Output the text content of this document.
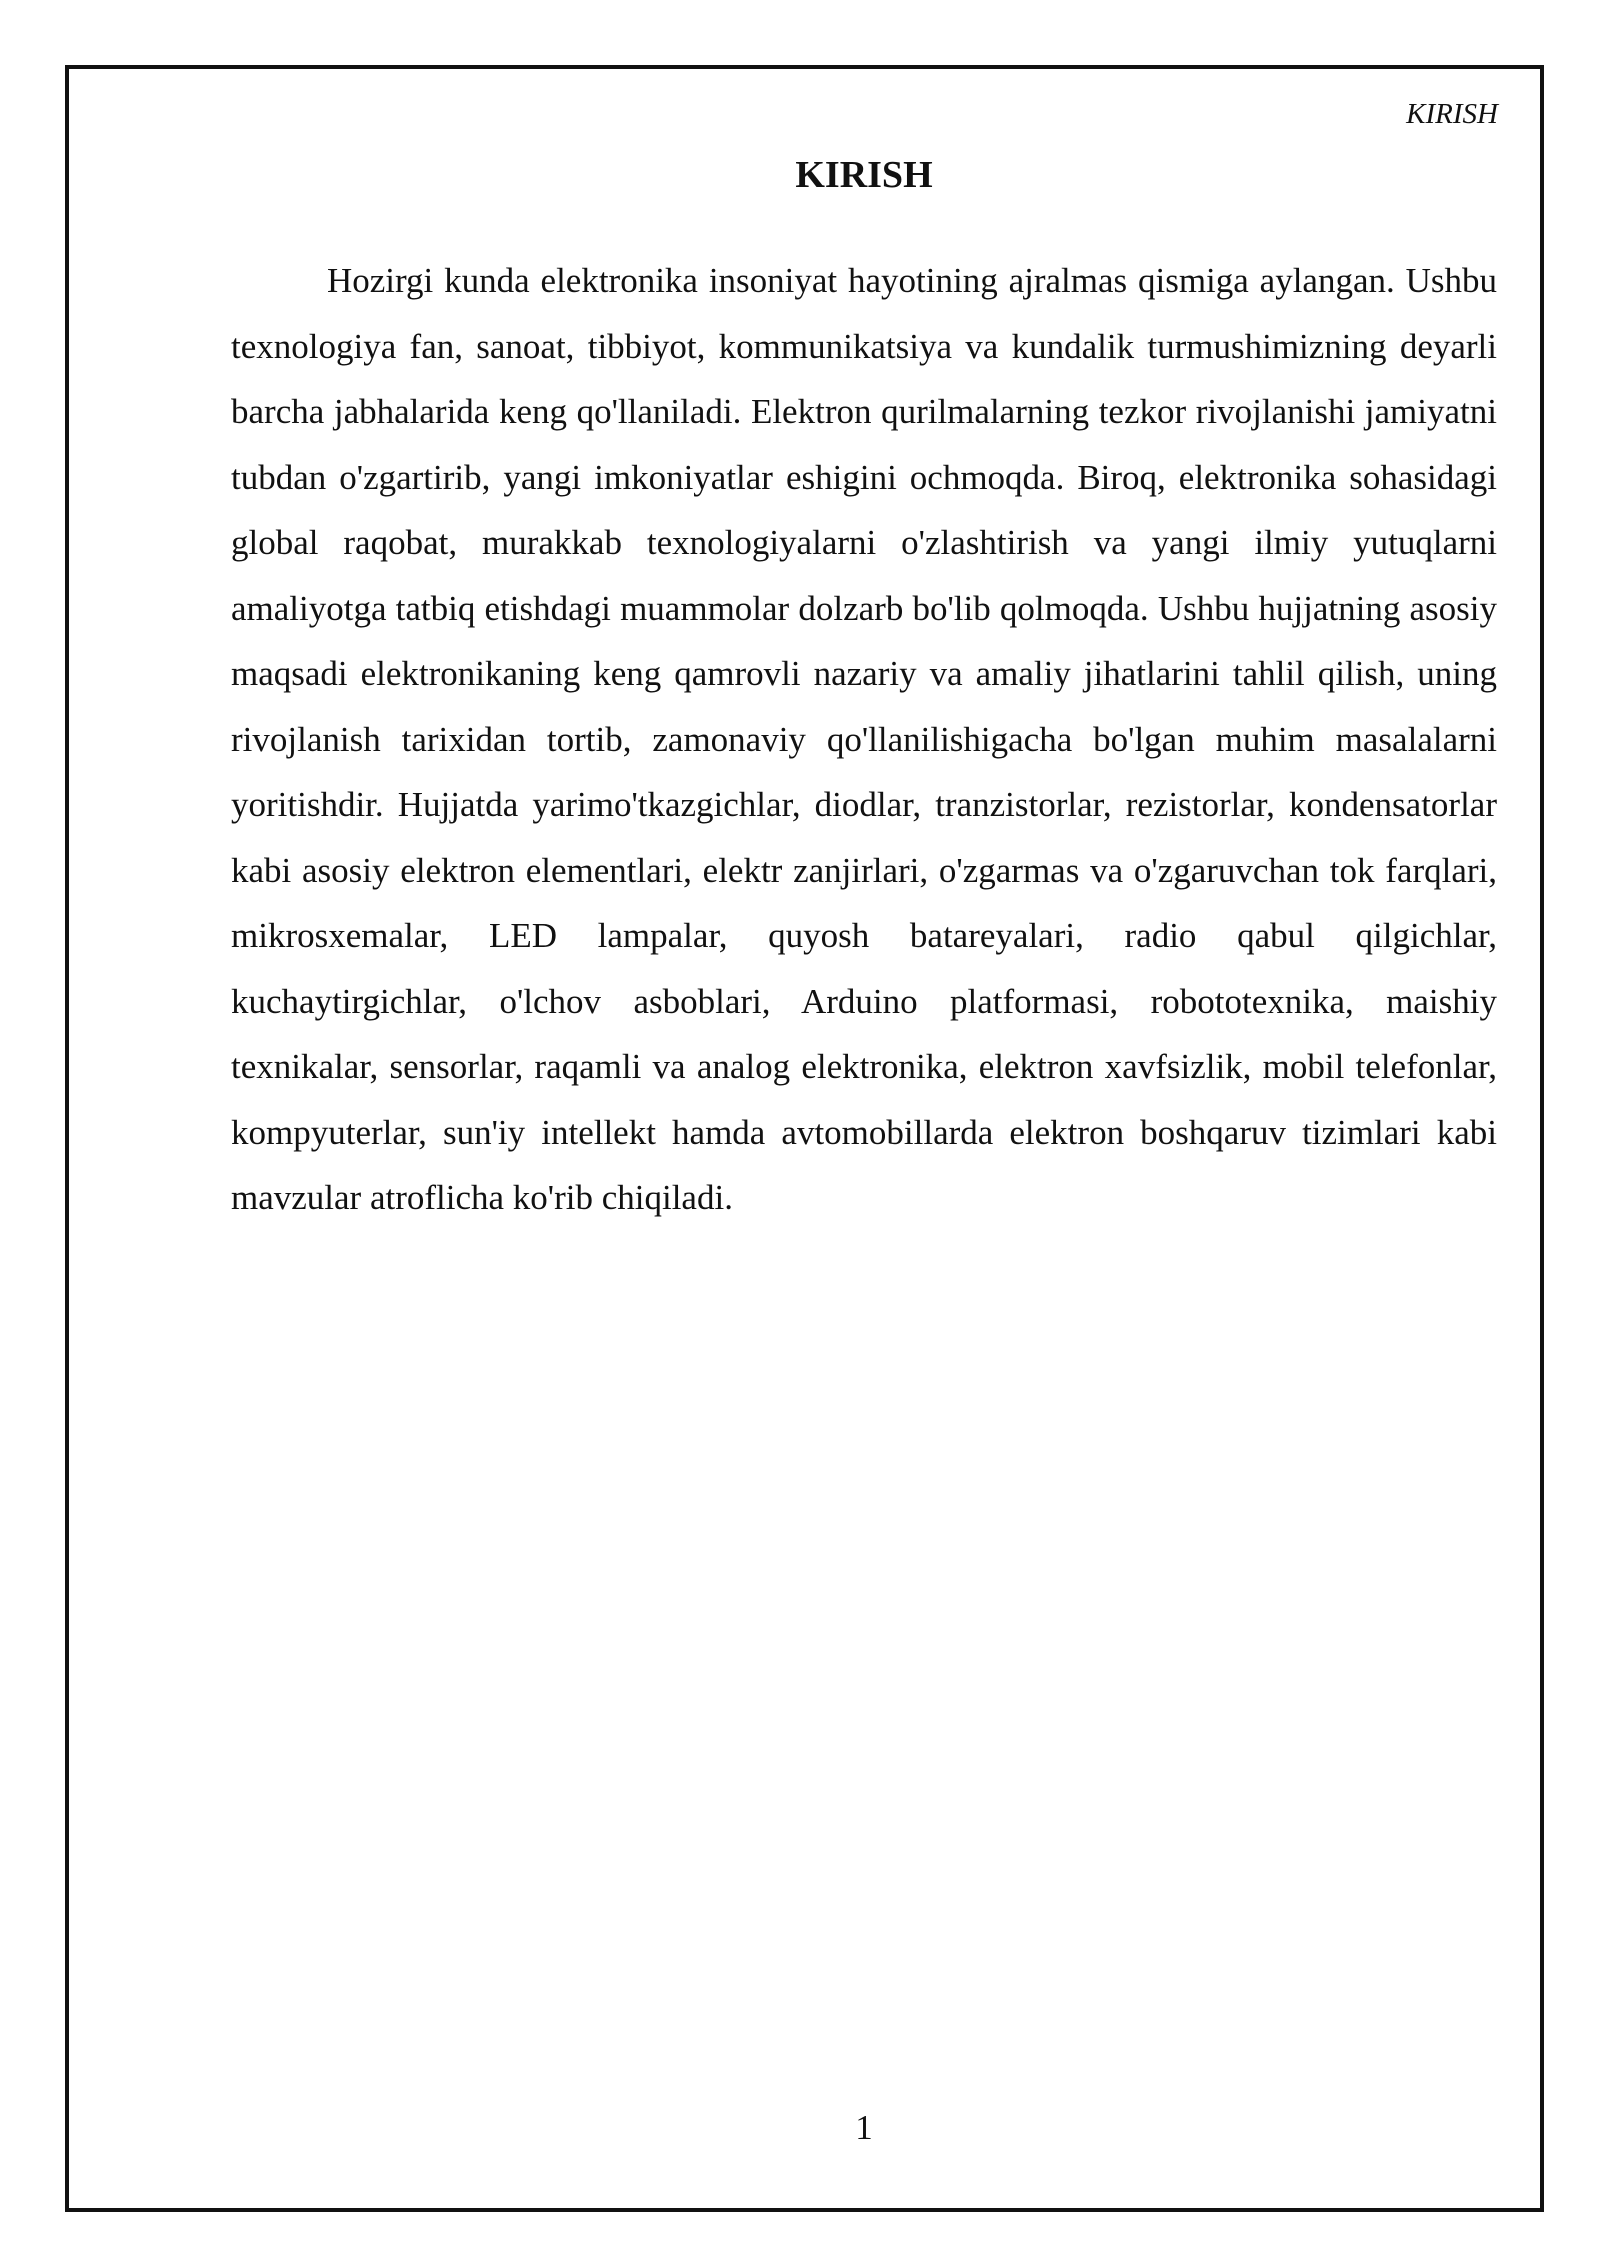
KIRISH

KIRISH

Hozirgi kunda elektronika insoniyat hayotining ajralmas qismiga aylangan. Ushbu texnologiya fan, sanoat, tibbiyot, kommunikatsiya va kundalik turmushimizning deyarli barcha jabhalarida keng qo'llaniladi. Elektron qurilmalarning tezkor rivojlanishi jamiyatni tubdan o'zgartirib, yangi imkoniyatlar eshigini ochmoqda. Biroq, elektronika sohasidagi global raqobat, murakkab texnologiyalarni o'zlashtirish va yangi ilmiy yutuqlarni amaliyotga tatbiq etishdagi muammolar dolzarb bo'lib qolmoqda. Ushbu hujjatning asosiy maqsadi elektronikaning keng qamrovli nazariy va amaliy jihatlarini tahlil qilish, uning rivojlanish tarixidan tortib, zamonaviy qo'llanilishigacha bo'lgan muhim masalalarni yoritishdir. Hujjatda yarimo'tkazgichlar, diodlar, tranzistorlar, rezistorlar, kondensatorlar kabi asosiy elektron elementlari, elektr zanjirlari, o'zgarmas va o'zgaruvchan tok farqlari, mikrosxemalar, LED lampalar, quyosh batareyalari, radio qabul qilgichlar, kuchaytirgichlar, o'lchov asboblari, Arduino platformasi, robototexnika, maishiy texnikalar, sensorlar, raqamli va analog elektronika, elektron xavfsizlik, mobil telefonlar, kompyuterlar, sun'iy intellekt hamda avtomobillarda elektron boshqaruv tizimlari kabi mavzular atroflicha ko'rib chiqiladi.

1
